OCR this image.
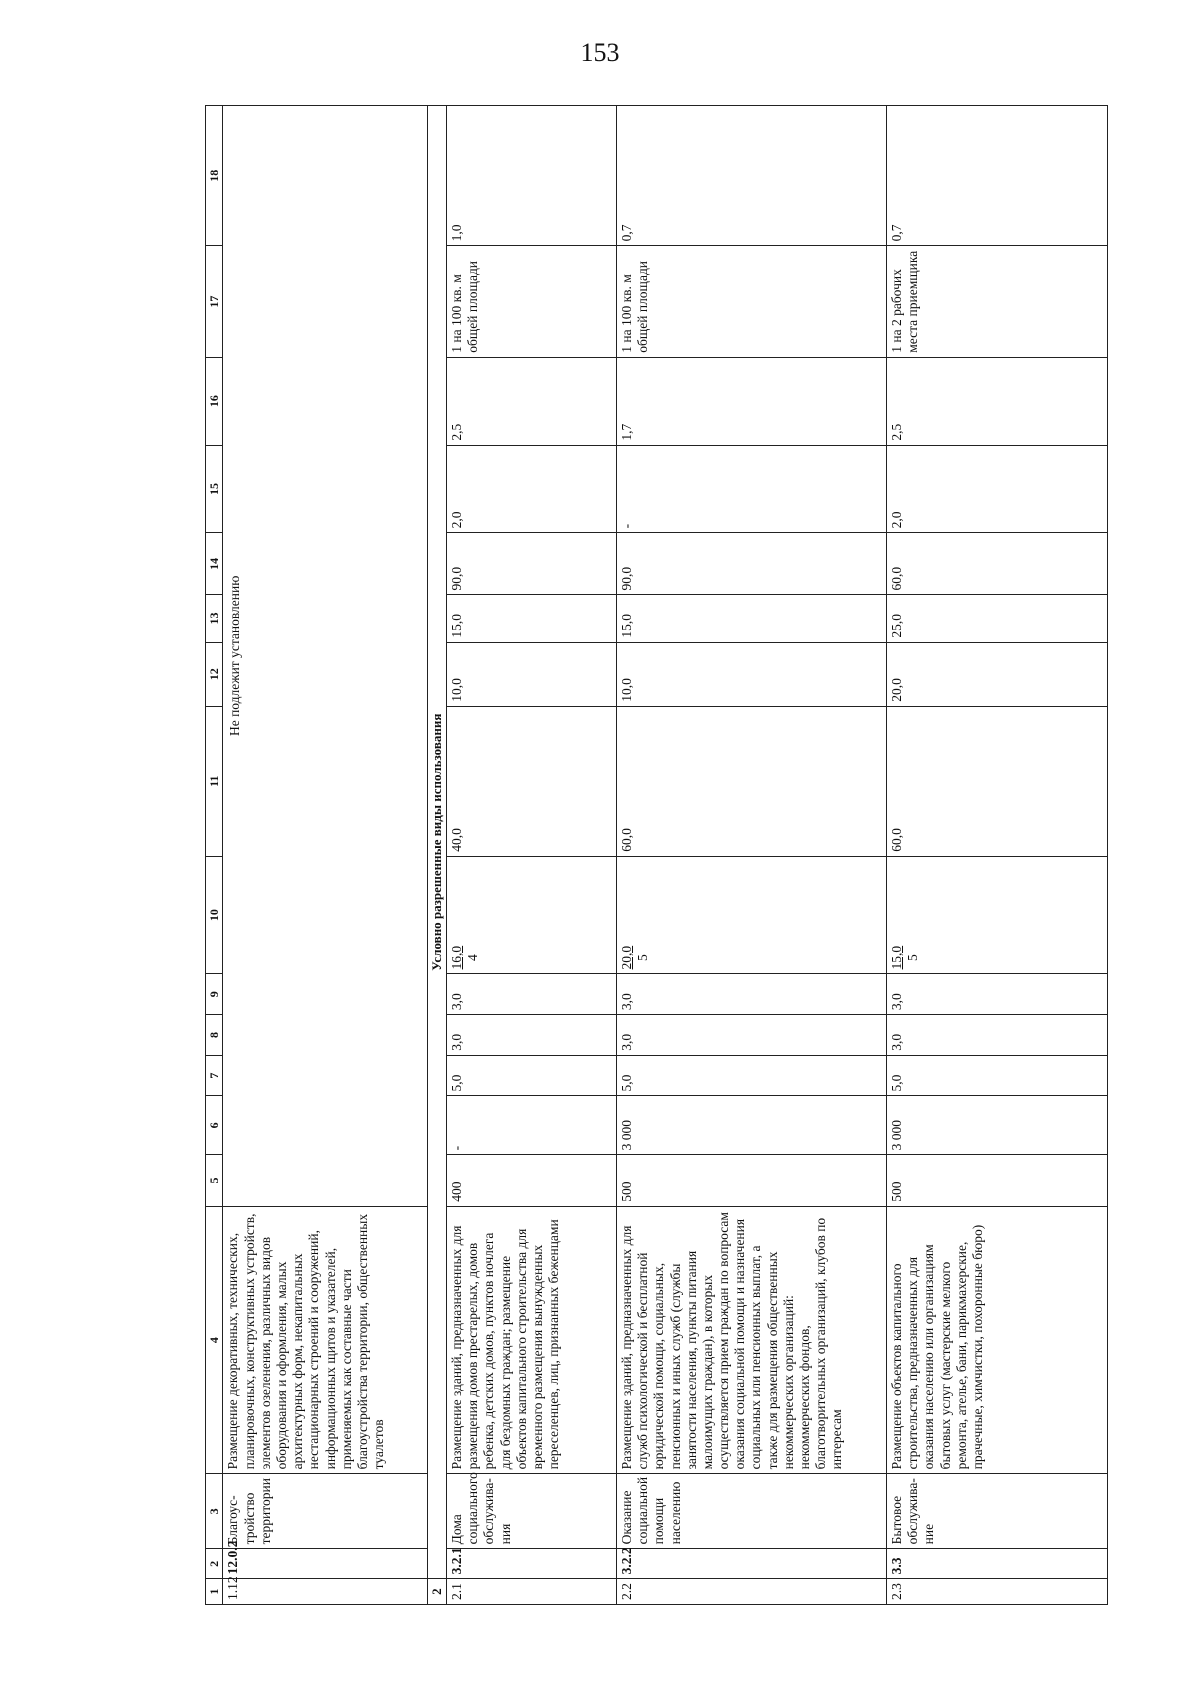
153
1	2	3	4	5	6	7	8	9	10	11	12	13	14	15	16	17	18
1.12	12.0.2	Благоус-тройство территории	Размещение декоративных, технических, планировочных, конструктивных устройств, элементов озеленения, различных видов оборудования и оформления, малых архитектурных форм, некапитальных нестационарных строений и сооружений, информационных щитов и указателей, применяемых как составные части благоустройства территории, общественных туалетов	Не подлежит установлению													
2	Условно разрешенные виды использования																
2.1	3.2.1	Дома социального обслужива-ния	Размещение зданий, предназначенных для размещения домов престарелых, домов ребенка, детских домов, пунктов ночлега для бездомных граждан; размещение объектов капитального строительства для временного размещения вынужденных переселенцев, лиц, признанных беженцами	400	-	5,0	3,0	3,0	16,0 4	40,0	10,0	15,0	90,0	2,0	2,5	1 на 100 кв. м общей площади	1,0
2.2	3.2.2	Оказание социальной помощи населению	Размещение зданий, предназначенных для служб психологической и бесплатной юридической помощи, социальных, пенсионных и иных служб (службы занятости населения, пункты питания малоимущих граждан), в которых осуществляется прием граждан по вопросам оказания социальной помощи и назначения социальных или пенсионных выплат, а также для размещения общественных некоммерческих организаций: некоммерческих фондов, благотворительных организаций, клубов по интересам	500	3 000	5,0	3,0	3,0	20,0 5	60,0	10,0	15,0	90,0	-	1,7	1 на 100 кв. м общей площади	0,7
2.3	3.3	Бытовое обслужива-ние	Размещение объектов капитального строительства, предназначенных для оказания населению или организациям бытовых услуг (мастерские мелкого ремонта, ателье, бани, парикмахерские, прачечные, химчистки, похоронные бюро)	500	3 000	5,0	3,0	3,0	15,0 5	60,0	20,0	25,0	60,0	2,0	2,5	1 на 2 рабочих места приемщика	0,7
